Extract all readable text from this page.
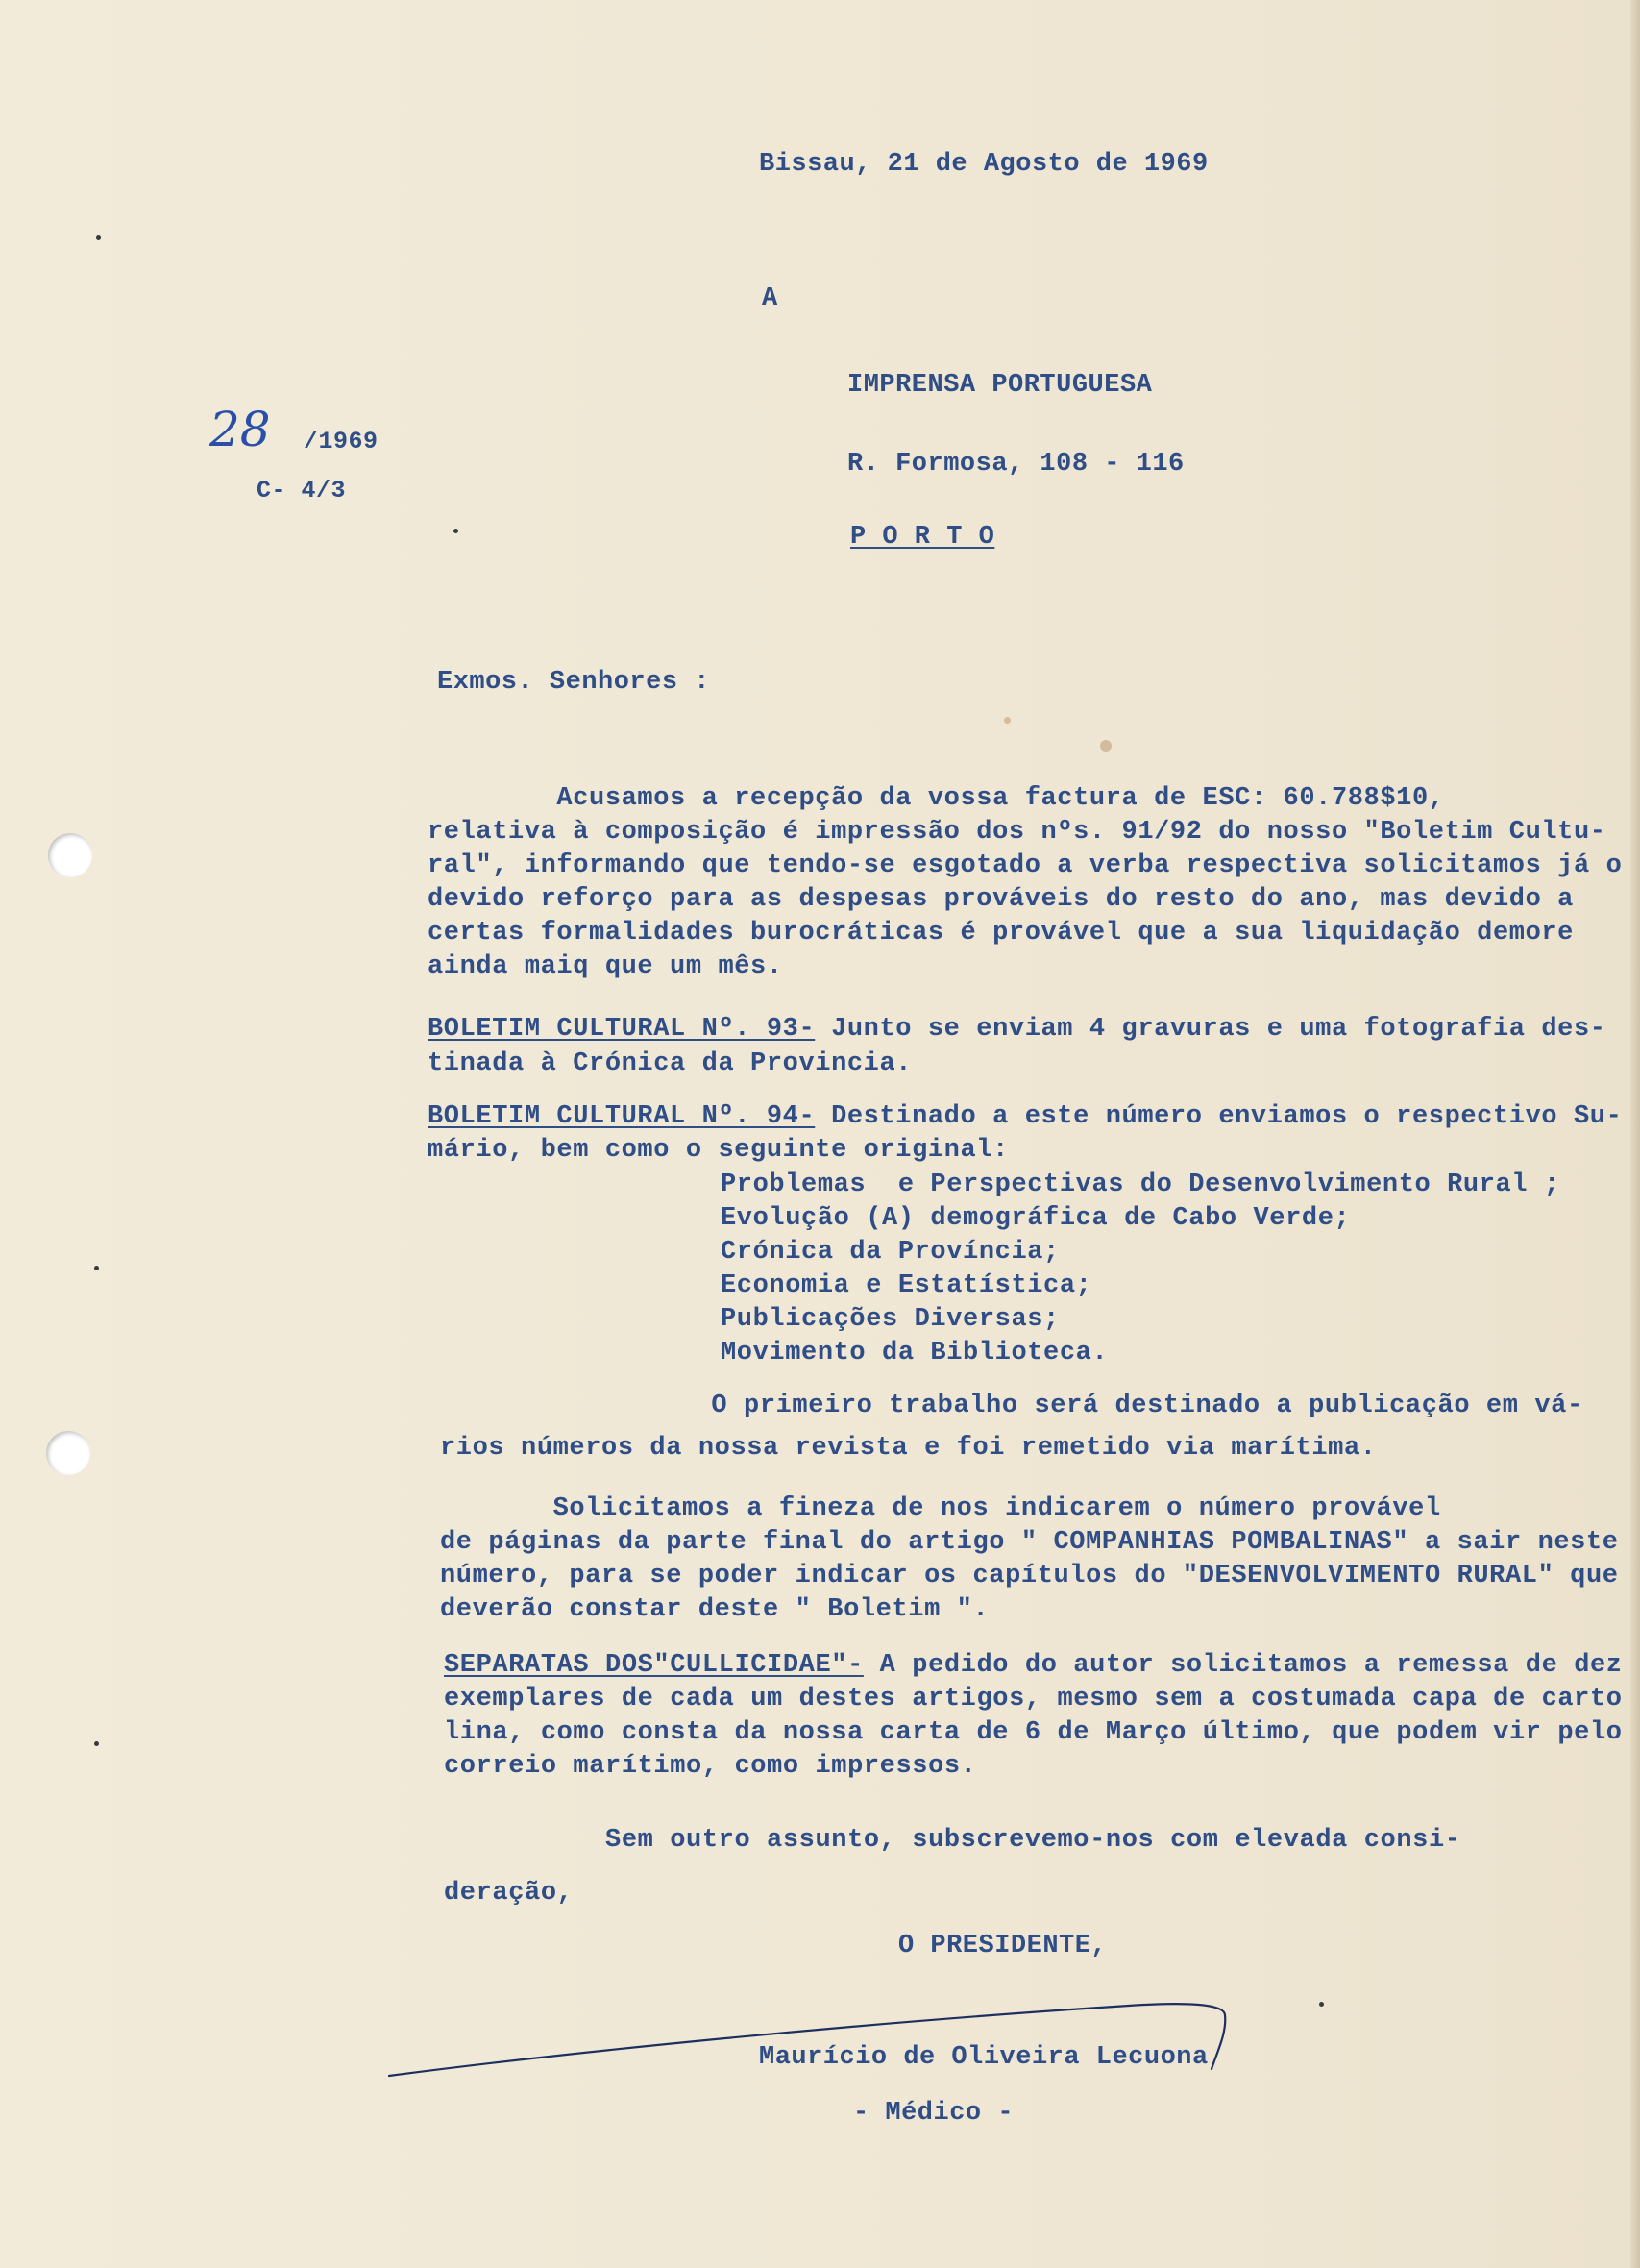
Bissau, 21 de Agosto de 1969
A
IMPRENSA PORTUGUESA
R. Formosa, 108 - 116
P O R T O
28 /1969
C- 4/3
Exmos. Senhores :
Acusamos a recepção da vossa factura de ESC: 60.788$10,
relativa à composição é impressão dos nºs. 91/92 do nosso "Boletim Cultu-
ral", informando que tendo-se esgotado a verba respectiva solicitamos já o
devido reforço para as despesas prováveis do resto do ano, mas devido a
certas formalidades burocráticas é provável que a sua liquidação demore
ainda maiq que um mês.
BOLETIM CULTURAL Nº. 93- Junto se enviam 4 gravuras e uma fotografia des-
tinada à Crónica da Provincia.
BOLETIM CULTURAL Nº. 94- Destinado a este número enviamos o respectivo Su-
mário, bem como o seguinte original:
Problemas  e Perspectivas do Desenvolvimento Rural ;
Evolução (A) demográfica de Cabo Verde;
Crónica da Província;
Economia e Estatística;
Publicações Diversas;
Movimento da Biblioteca.
O primeiro trabalho será destinado a publicação em vá-
rios números da nossa revista e foi remetido via marítima.
Solicitamos a fineza de nos indicarem o número provável
de páginas da parte final do artigo " COMPANHIAS POMBALINAS" a sair neste
número, para se poder indicar os capítulos do "DESENVOLVIMENTO RURAL" que
deverão constar deste " Boletim ".
SEPARATAS DOS"CULLICIDAE"- A pedido do autor solicitamos a remessa de dez
exemplares de cada um destes artigos, mesmo sem a costumada capa de carto
lina, como consta da nossa carta de 6 de Março último, que podem vir pelo
correio marítimo, como impressos.
Sem outro assunto, subscrevemo-nos com elevada consi-
deração,
O PRESIDENTE,
Maurício de Oliveira Lecuona
- Médico -
